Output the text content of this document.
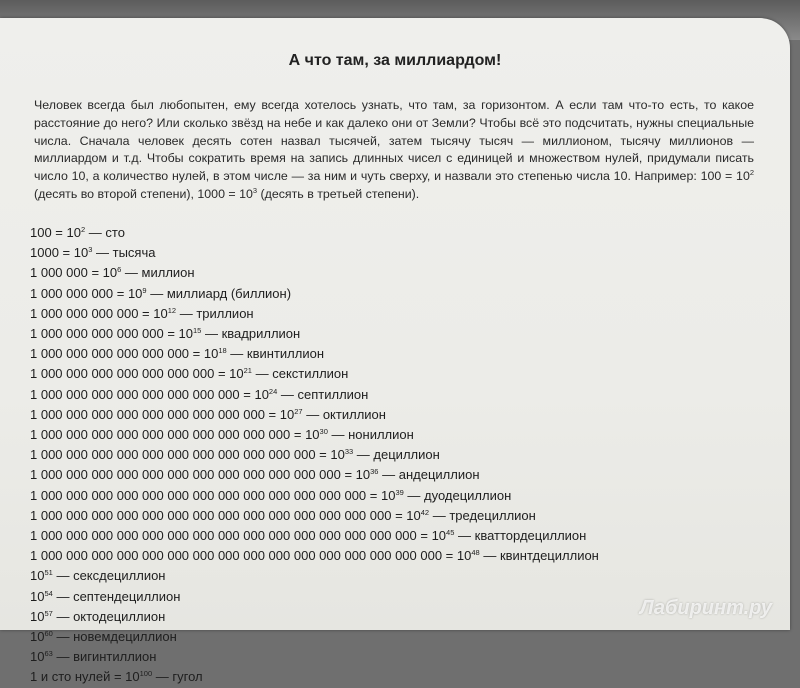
А что там, за миллиардом!

Человек всегда был любопытен, ему всегда хотелось узнать, что там, за горизонтом. А если там что-то есть, то какое расстояние до него? Или сколько звёзд на небе и как далеко они от Земли? Чтобы всё это подсчитать, нужны специальные числа. Сначала человек десять сотен назвал тысячей, затем тысячу тысяч — миллионом, тысячу миллионов — миллиардом и т.д. Чтобы сократить время на запись длинных чисел с единицей и множеством нулей, придумали писать число 10, а количество нулей, в этом числе — за ним и чуть сверху, и назвали это степенью числа 10. Например: $100 = 10^2$ (десять во второй степени), $1000 = 10^3$ (десять в третьей степени).

$100 = 10^2$ — сто
$1000 = 10^3$ — тысяча
1 000 $000 = 10^6$ — миллион
1 000 000 $000 = 10^9$ — миллиард (биллион)
1 000 000 000 $000 = 10^{12}$ — триллион
1 000 000 000 000 $000 = 10^{15}$ — квадриллион
1 000 000 000 000 000 $000 = 10^{18}$ — квинтиллион
1 000 000 000 000 000 000 $000 = 10^{21}$ — секстиллион
1 000 000 000 000 000 000 000 $000 = 10^{24}$ — септиллион
1 000 000 000 000 000 000 000 000 $000 = 10^{27}$ — октиллион
1 000 000 000 000 000 000 000 000 000 $000 = 10^{30}$ — нониллион
1 000 000 000 000 000 000 000 000 000 000 $000 = 10^{33}$ — дециллион
1 000 000 000 000 000 000 000 000 000 000 000 $000 = 10^{36}$ — андециллион
1 000 000 000 000 000 000 000 000 000 000 000 000 $000 = 10^{39}$ — дуодециллион
1 000 000 000 000 000 000 000 000 000 000 000 000 000 $000 = 10^{42}$ — тредециллион
1 000 000 000 000 000 000 000 000 000 000 000 000 000 000 $000 = 10^{45}$ — кваттордециллион
1 000 000 000 000 000 000 000 000 000 000 000 000 000 000 000 $000 = 10^{48}$ — квинтдециллион
$10^{51}$ — сексдециллион
$10^{54}$ — септендециллион
$10^{57}$ — октодециллион
$10^{60}$ — новемдециллион
$10^{63}$ — вигинтиллион
1 и сто нулей = $10^{100}$ — гугол
Лабиринт.ру
